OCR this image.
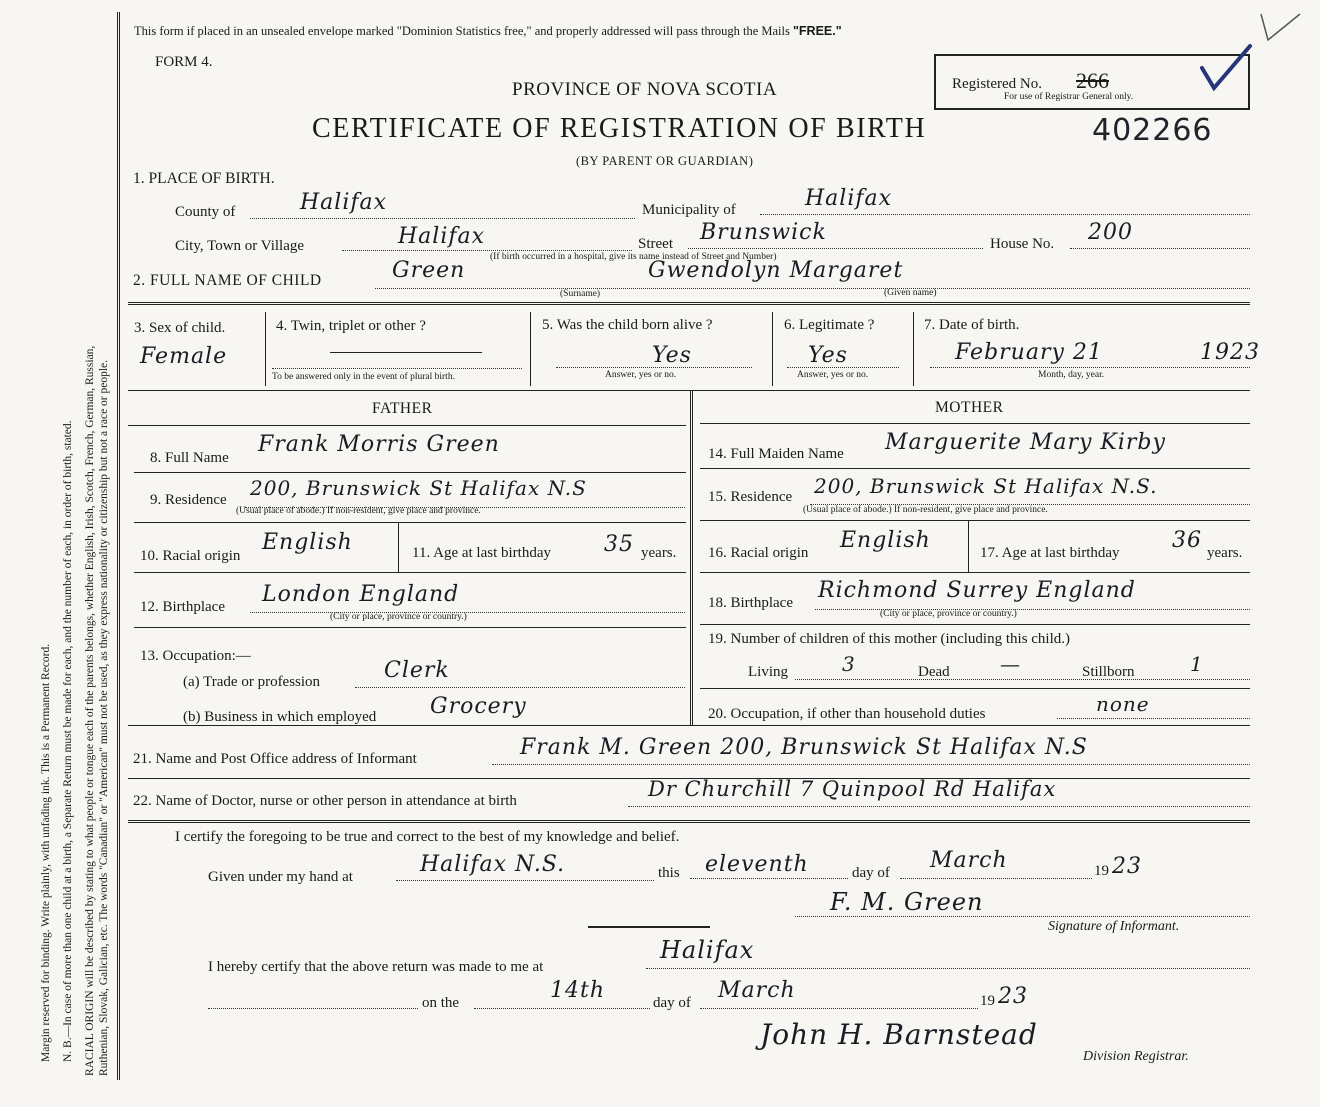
Margin reserved for binding. Write plainly, with unfading ink. This is a Permanent Record. N. B.—In case of more than one child at a birth, a Separate Return must be made for each, and the number of each, in order of birth, stated. RACIAL ORIGIN will be described by stating to what people or tongue each of the parents belongs, whether English, Irish, Scotch, French, German, Russian, Ruthenian, Slovak, Galician, etc. The words "Canadian" or "American" must not be used, as they express nationality or citizenship but not a race or people.
This form if placed in an unsealed envelope marked "Dominion Statistics free," and properly addressed will pass through the Mails "FREE."
FORM 4.
PROVINCE OF NOVA SCOTIA
CERTIFICATE OF REGISTRATION OF BIRTH	402266
(BY PARENT OR GUARDIAN)
Registered No. 266
For use of Registrar General only.
1. PLACE OF BIRTH.
County of	Halifax	Municipality of	Halifax
City, Town or Village	Halifax	Street Brunswick
(If birth occurred in a hospital, give its name instead of Street and Number)
House No. 200
2. FULL NAME OF CHILD	Green	Gwendolyn Margaret
(Surname)	(Given name)
3. Sex of child.
Female
4. Twin, triplet or other ?
To be answered only in the event of plural birth.
5. Was the child born alive ?
Yes
Answer, yes or no.
6. Legitimate ?
Yes
Answer, yes or no.
7. Date of birth.
February 21	1923
Month, day, year.
FATHER
8. Full Name
Frank Morris Green
9. Residence 200, Brunswick St Halifax N.S
(Usual place of abode.) If non-resident, give place and province.
10. Racial origin
English	11. Age at last birthday 35 years.
12. Birthplace London England
(City or place, province or country.)
13. Occupation:—
(a) Trade or profession	Clerk
(b) Business in which employed Grocery
MOTHER
14. Full Maiden Name Marguerite Mary Kirby
15. Residence 200, Brunswick St Halifax N.S.
(Usual place of abode.) If non-resident, give place and province.
16. Racial origin English	17. Age at last birthday 36 years.
18. Birthplace Richmond Surrey England
(City or place, province or country.)
19. Number of children of this mother (including this child.)
Living	3	Dead	—	Stillborn	1
20. Occupation, if other than household duties	none
21. Name and Post Office address of Informant	Frank M. Green 200, Brunswick St Halifax N.S
22. Name of Doctor, nurse or other person in attendance at birth	Dr Churchill 7 Quinpool Rd Halifax
I certify the foregoing to be true and correct to the best of my knowledge and belief.
Given under my hand at	Halifax N.S.	this eleventh	day of March	19 23
F. M. Green
Signature of Informant.
I hereby certify that the above return was made to me at
Halifax
on the	14th	day of March	19 23
John H. Barnstead
Division Registrar.
